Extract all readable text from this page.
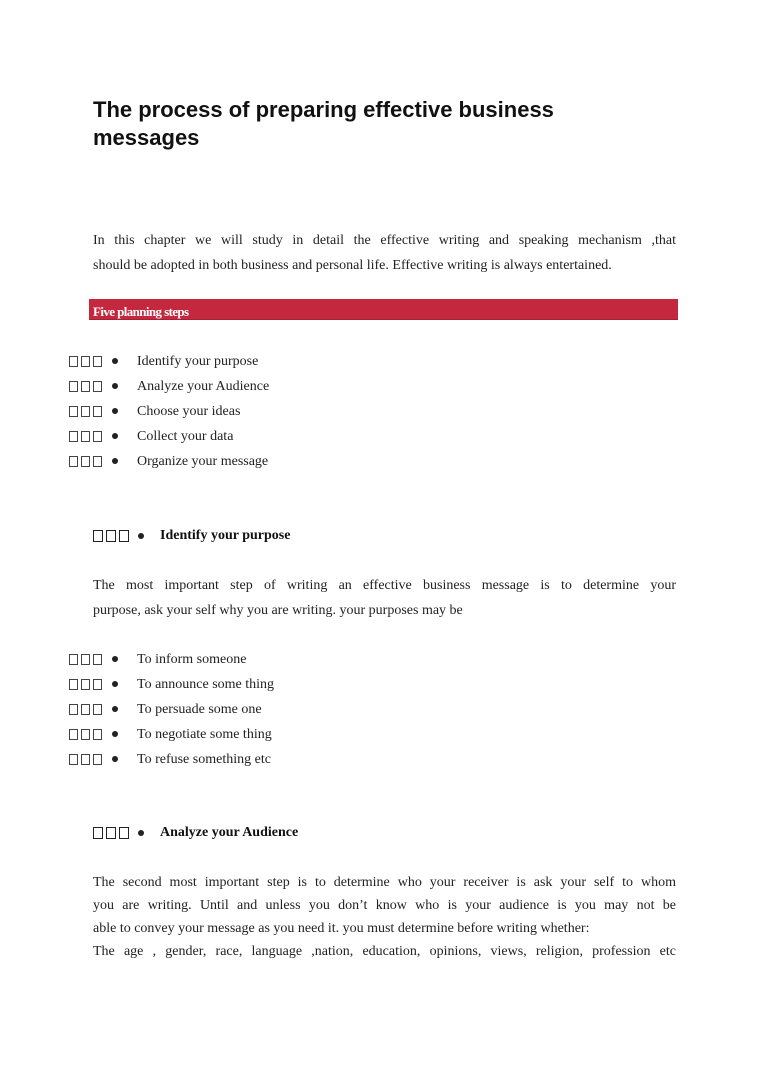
The process of preparing effective business
messages
In this chapter we will study in detail the effective writing and speaking mechanism ,that
should be adopted in both business and personal life. Effective writing is always entertained.
Five planning steps
Identify your purpose
Analyze your Audience
Choose your ideas
Collect your data
Organize your message
Identify your purpose
The most important step of writing an effective business message is to determine your
purpose, ask your self why you are writing. your purposes may be
To inform someone
To announce some thing
To persuade some one
To negotiate some thing
To refuse something etc
Analyze your Audience
The second most important step is to determine who your receiver is ask your self to whom
you are writing. Until and unless you don’t know who is your audience is you may not be
able to convey your message as you need it. you must determine before writing whether:
The age , gender, race, language ,nation, education, opinions, views, religion, profession etc
